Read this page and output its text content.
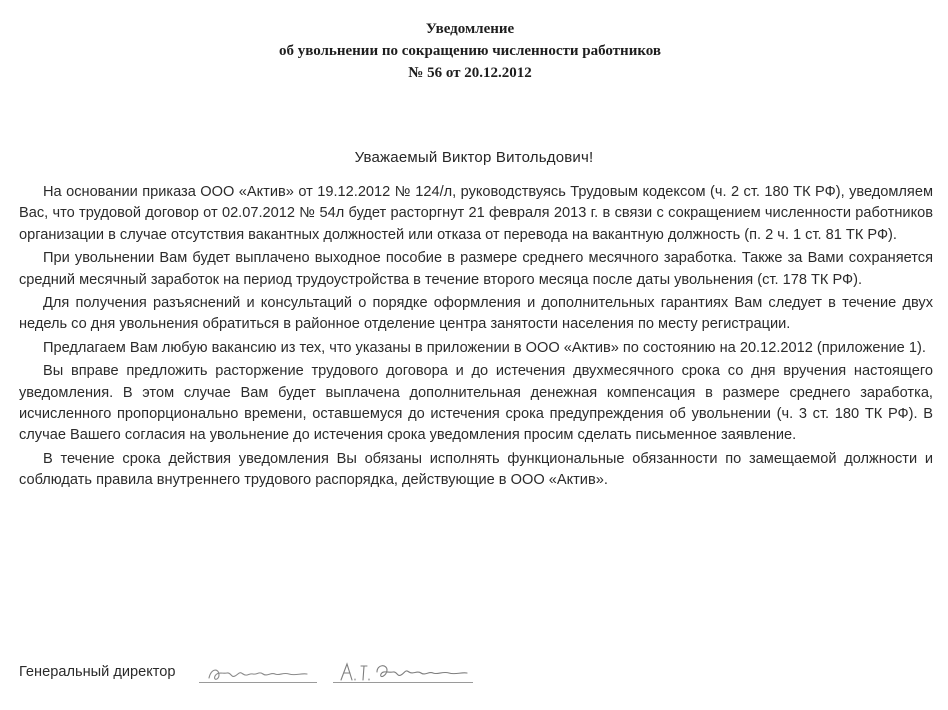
Уведомление
об увольнении по сокращению численности работников
№ 56 от 20.12.2012
Уважаемый Виктор Витольдович!

На основании приказа ООО «Актив» от 19.12.2012 № 124/л, руководствуясь Трудовым кодексом (ч. 2 ст. 180 ТК РФ), уведомляем Вас, что трудовой договор от 02.07.2012 № 54л будет расторгнут 21 февраля 2013 г. в связи с сокращением численности работников организации в случае отсутствия вакантных должностей или отказа от перевода на вакантную должность (п. 2 ч. 1 ст. 81 ТК РФ).

При увольнении Вам будет выплачено выходное пособие в размере среднего месячного заработка. Также за Вами сохраняется средний месячный заработок на период трудоустройства в течение второго месяца после даты увольнения (ст. 178 ТК РФ).

Для получения разъяснений и консультаций о порядке оформления и дополнительных гарантиях Вам следует в течение двух недель со дня увольнения обратиться в районное отделение центра занятости населения по месту регистрации.

Предлагаем Вам любую вакансию из тех, что указаны в приложении в ООО «Актив» по состоянию на 20.12.2012 (приложение 1).

Вы вправе предложить расторжение трудового договора и до истечения двухмесячного срока со дня вручения настоящего уведомления. В этом случае Вам будет выплачена дополнительная денежная компенсация в размере среднего заработка, исчисленного пропорционально времени, оставшемуся до истечения срока предупреждения об увольнении (ч. 3 ст. 180 ТК РФ). В случае Вашего согласия на увольнение до истечения срока уведомления просим сделать письменное заявление.

В течение срока действия уведомления Вы обязаны исполнять функциональные обязанности по замещаемой должности и соблюдать правила внутреннего трудового распорядка, действующие в ООО «Актив».

Генеральный директор
